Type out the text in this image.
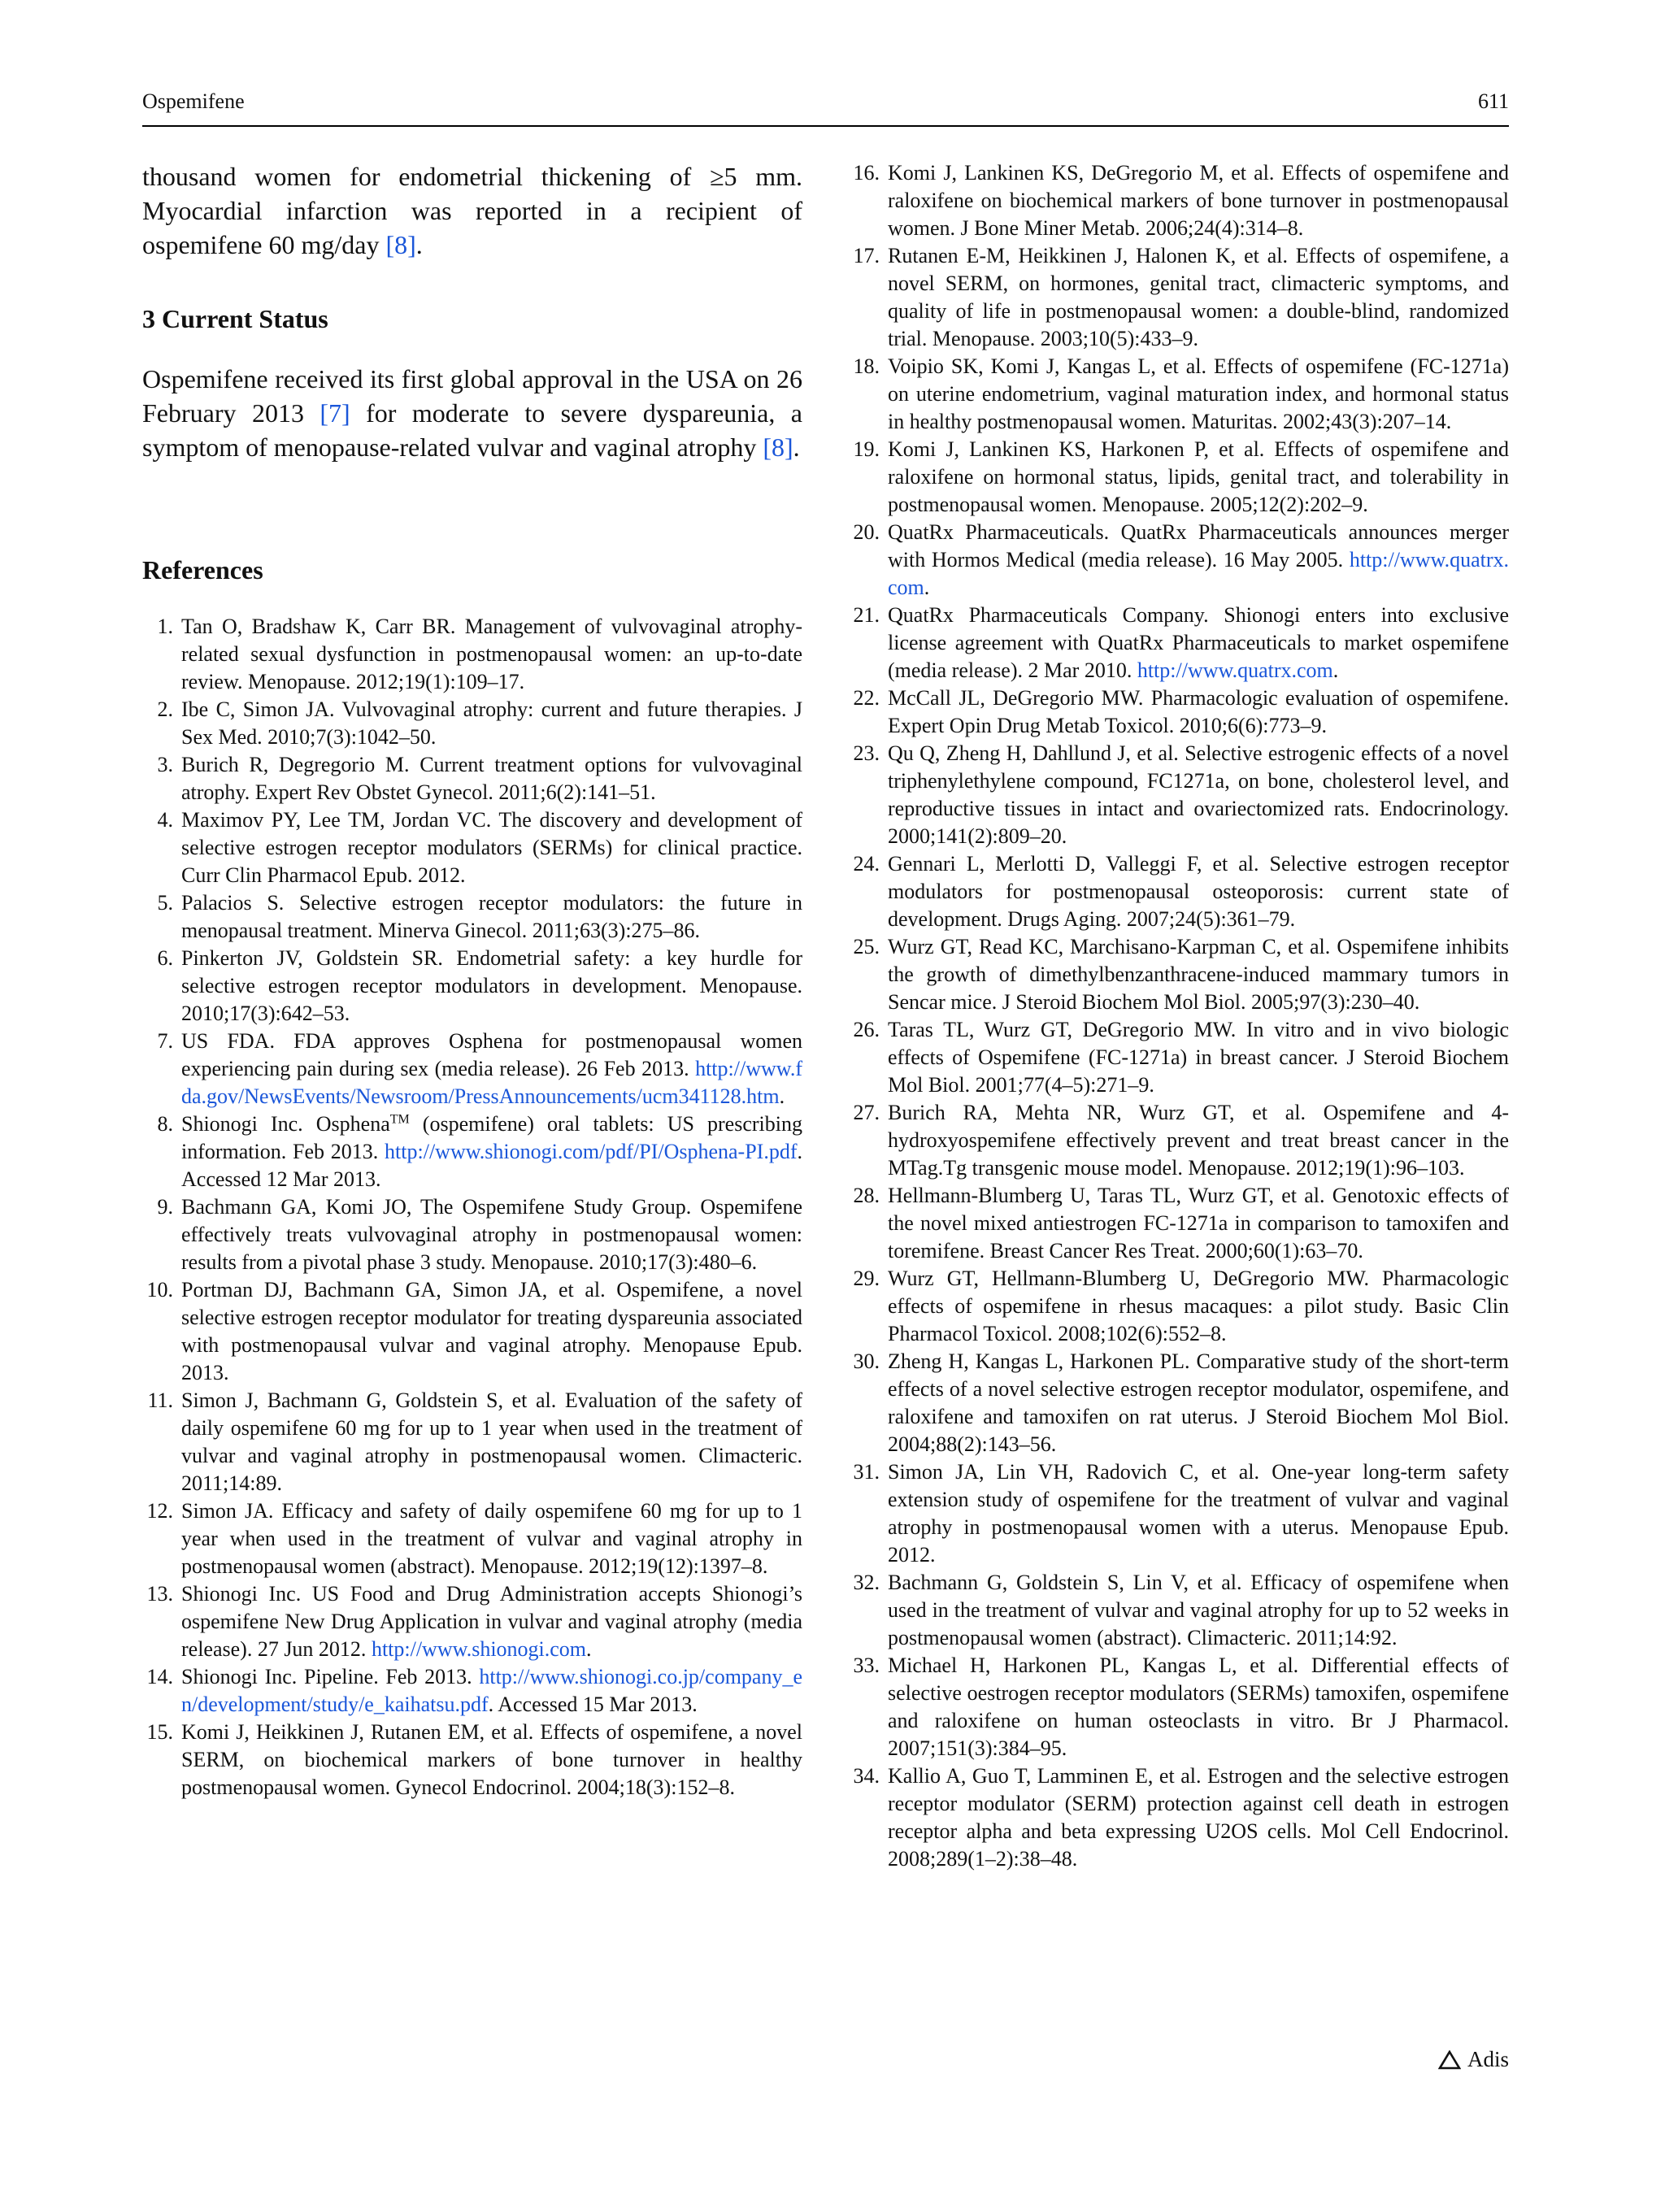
Ospemifene	611

thousand women for endometrial thickening of ≥5 mm. Myocardial infarction was reported in a recipient of ospemifene 60 mg/day [8].

3 Current Status

Ospemifene received its first global approval in the USA on 26 February 2013 [7] for moderate to severe dyspareunia, a symptom of menopause-related vulvar and vaginal atrophy [8].

References
1. Tan O, Bradshaw K, Carr BR. Management of vulvovaginal atrophy-related sexual dysfunction in postmenopausal women: an up-to-date review. Menopause. 2012;19(1):109–17.
2. Ibe C, Simon JA. Vulvovaginal atrophy: current and future therapies. J Sex Med. 2010;7(3):1042–50.
3. Burich R, Degregorio M. Current treatment options for vulvovaginal atrophy. Expert Rev Obstet Gynecol. 2011;6(2):141–51.
4. Maximov PY, Lee TM, Jordan VC. The discovery and development of selective estrogen receptor modulators (SERMs) for clinical practice. Curr Clin Pharmacol Epub. 2012.
5. Palacios S. Selective estrogen receptor modulators: the future in menopausal treatment. Minerva Ginecol. 2011;63(3):275–86.
6. Pinkerton JV, Goldstein SR. Endometrial safety: a key hurdle for selective estrogen receptor modulators in development. Menopause. 2010;17(3):642–53.
7. US FDA. FDA approves Osphena for postmenopausal women experiencing pain during sex (media release). 26 Feb 2013. http://www.fda.gov/NewsEvents/Newsroom/PressAnnouncements/ucm341128.htm.
8. Shionogi Inc. Osphena™ (ospemifene) oral tablets: US prescribing information. Feb 2013. http://www.shionogi.com/pdf/PI/Osphena-PI.pdf. Accessed 12 Mar 2013.
9. Bachmann GA, Komi JO, The Ospemifene Study Group. Ospemifene effectively treats vulvovaginal atrophy in postmenopausal women: results from a pivotal phase 3 study. Menopause. 2010;17(3):480–6.
10. Portman DJ, Bachmann GA, Simon JA, et al. Ospemifene, a novel selective estrogen receptor modulator for treating dyspareunia associated with postmenopausal vulvar and vaginal atrophy. Menopause Epub. 2013.
11. Simon J, Bachmann G, Goldstein S, et al. Evaluation of the safety of daily ospemifene 60 mg for up to 1 year when used in the treatment of vulvar and vaginal atrophy in postmenopausal women. Climacteric. 2011;14:89.
12. Simon JA. Efficacy and safety of daily ospemifene 60 mg for up to 1 year when used in the treatment of vulvar and vaginal atrophy in postmenopausal women (abstract). Menopause. 2012;19(12):1397–8.
13. Shionogi Inc. US Food and Drug Administration accepts Shionogi’s ospemifene New Drug Application in vulvar and vaginal atrophy (media release). 27 Jun 2012. http://www.shionogi.com.
14. Shionogi Inc. Pipeline. Feb 2013. http://www.shionogi.co.jp/company_en/development/study/e_kaihatsu.pdf. Accessed 15 Mar 2013.
15. Komi J, Heikkinen J, Rutanen EM, et al. Effects of ospemifene, a novel SERM, on biochemical markers of bone turnover in healthy postmenopausal women. Gynecol Endocrinol. 2004;18(3):152–8.
16. Komi J, Lankinen KS, DeGregorio M, et al. Effects of ospemifene and raloxifene on biochemical markers of bone turnover in postmenopausal women. J Bone Miner Metab. 2006;24(4):314–8.
17. Rutanen E-M, Heikkinen J, Halonen K, et al. Effects of ospemifene, a novel SERM, on hormones, genital tract, climacteric symptoms, and quality of life in postmenopausal women: a double-blind, randomized trial. Menopause. 2003;10(5):433–9.
18. Voipio SK, Komi J, Kangas L, et al. Effects of ospemifene (FC-1271a) on uterine endometrium, vaginal maturation index, and hormonal status in healthy postmenopausal women. Maturitas. 2002;43(3):207–14.
19. Komi J, Lankinen KS, Harkonen P, et al. Effects of ospemifene and raloxifene on hormonal status, lipids, genital tract, and tolerability in postmenopausal women. Menopause. 2005;12(2):202–9.
20. QuatRx Pharmaceuticals. QuatRx Pharmaceuticals announces merger with Hormos Medical (media release). 16 May 2005. http://www.quatrx.com.
21. QuatRx Pharmaceuticals Company. Shionogi enters into exclusive license agreement with QuatRx Pharmaceuticals to market ospemifene (media release). 2 Mar 2010. http://www.quatrx.com.
22. McCall JL, DeGregorio MW. Pharmacologic evaluation of ospemifene. Expert Opin Drug Metab Toxicol. 2010;6(6):773–9.
23. Qu Q, Zheng H, Dahllund J, et al. Selective estrogenic effects of a novel triphenylethylene compound, FC1271a, on bone, cholesterol level, and reproductive tissues in intact and ovariectomized rats. Endocrinology. 2000;141(2):809–20.
24. Gennari L, Merlotti D, Valleggi F, et al. Selective estrogen receptor modulators for postmenopausal osteoporosis: current state of development. Drugs Aging. 2007;24(5):361–79.
25. Wurz GT, Read KC, Marchisano-Karpman C, et al. Ospemifene inhibits the growth of dimethylbenzanthracene-induced mammary tumors in Sencar mice. J Steroid Biochem Mol Biol. 2005;97(3):230–40.
26. Taras TL, Wurz GT, DeGregorio MW. In vitro and in vivo biologic effects of Ospemifene (FC-1271a) in breast cancer. J Steroid Biochem Mol Biol. 2001;77(4–5):271–9.
27. Burich RA, Mehta NR, Wurz GT, et al. Ospemifene and 4-hydroxyospemifene effectively prevent and treat breast cancer in the MTag.Tg transgenic mouse model. Menopause. 2012;19(1):96–103.
28. Hellmann-Blumberg U, Taras TL, Wurz GT, et al. Genotoxic effects of the novel mixed antiestrogen FC-1271a in comparison to tamoxifen and toremifene. Breast Cancer Res Treat. 2000;60(1):63–70.
29. Wurz GT, Hellmann-Blumberg U, DeGregorio MW. Pharmacologic effects of ospemifene in rhesus macaques: a pilot study. Basic Clin Pharmacol Toxicol. 2008;102(6):552–8.
30. Zheng H, Kangas L, Harkonen PL. Comparative study of the short-term effects of a novel selective estrogen receptor modulator, ospemifene, and raloxifene and tamoxifen on rat uterus. J Steroid Biochem Mol Biol. 2004;88(2):143–56.
31. Simon JA, Lin VH, Radovich C, et al. One-year long-term safety extension study of ospemifene for the treatment of vulvar and vaginal atrophy in postmenopausal women with a uterus. Menopause Epub. 2012.
32. Bachmann G, Goldstein S, Lin V, et al. Efficacy of ospemifene when used in the treatment of vulvar and vaginal atrophy for up to 52 weeks in postmenopausal women (abstract). Climacteric. 2011;14:92.
33. Michael H, Harkonen PL, Kangas L, et al. Differential effects of selective oestrogen receptor modulators (SERMs) tamoxifen, ospemifene and raloxifene on human osteoclasts in vitro. Br J Pharmacol. 2007;151(3):384–95.
34. Kallio A, Guo T, Lamminen E, et al. Estrogen and the selective estrogen receptor modulator (SERM) protection against cell death in estrogen receptor alpha and beta expressing U2OS cells. Mol Cell Endocrinol. 2008;289(1–2):38–48.
Adis
